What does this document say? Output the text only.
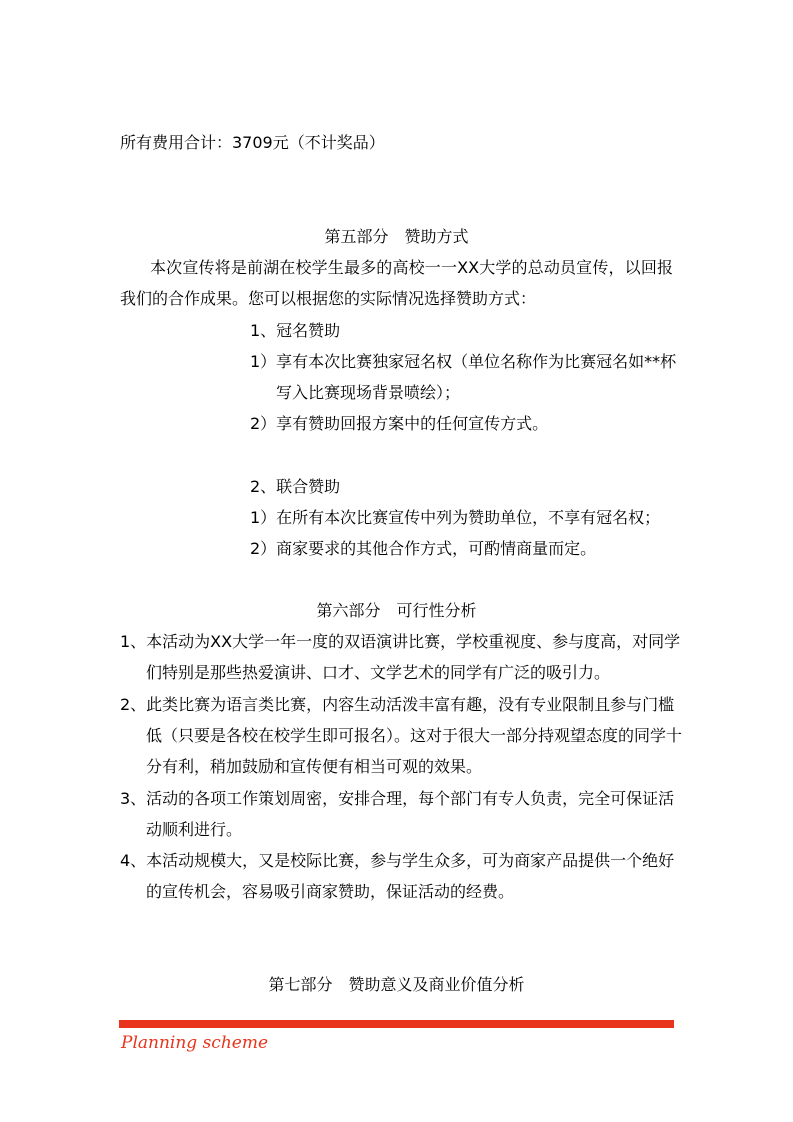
所有费用合计：3709元（不计奖品）
第五部分　赞助方式
本次宣传将是前湖在校学生最多的高校一一XX大学的总动员宣传，以回报
我们的合作成果。您可以根据您的实际情况选择赞助方式：
1、冠名赞助
1）享有本次比赛独家冠名权（单位名称作为比赛冠名如**杯
写入比赛现场背景喷绘）；
2）享有赞助回报方案中的任何宣传方式。
2、联合赞助
1）在所有本次比赛宣传中列为赞助单位，不享有冠名权；
2）商家要求的其他合作方式，可酌情商量而定。
第六部分　可行性分析
1、本活动为XX大学一年一度的双语演讲比赛，学校重视度、参与度高，对同学
们特别是那些热爱演讲、口才、文学艺术的同学有广泛的吸引力。
2、此类比赛为语言类比赛，内容生动活泼丰富有趣，没有专业限制且参与门槛
低（只要是各校在校学生即可报名）。这对于很大一部分持观望态度的同学十
分有利，稍加鼓励和宣传便有相当可观的效果。
3、活动的各项工作策划周密，安排合理，每个部门有专人负责，完全可保证活
动顺利进行。
4、本活动规模大，又是校际比赛，参与学生众多，可为商家产品提供一个绝好
的宣传机会，容易吸引商家赞助，保证活动的经费。
第七部分　赞助意义及商业价值分析
Planning scheme
